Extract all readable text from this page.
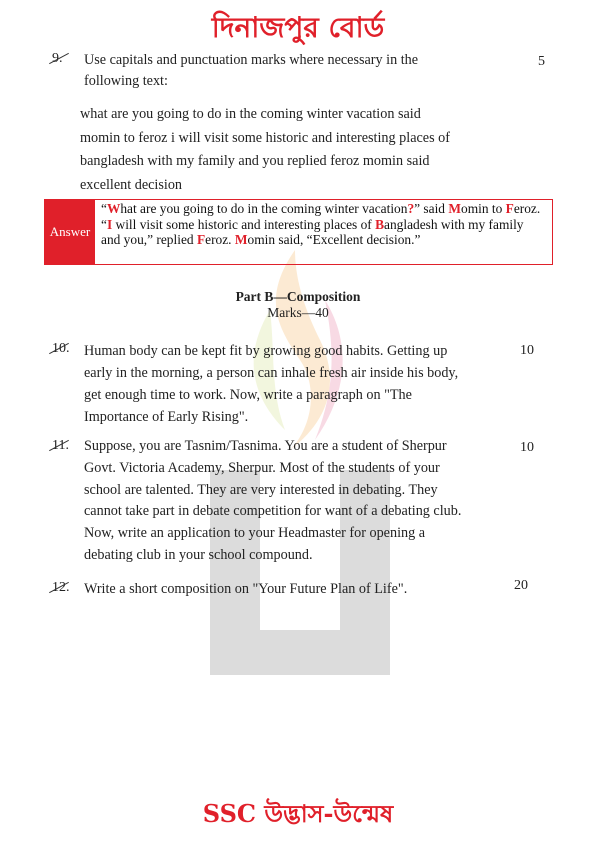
দিনাজপুর বোর্ড
9. Use capitals and punctuation marks where necessary in the
following text:
5
what are you going to do in the coming winter vacation said
momin to feroz i will visit some historic and interesting places of
bangladesh with my family and you replied feroz momin said
excellent decision
Answer
“What are you going to do in the coming winter vacation?” said Momin to Feroz. “I will visit some historic and interesting places of Bangladesh with my family and you,” replied Feroz. Momin said, “Excellent decision.”
Part B—Composition
Marks—40
10. Human body can be kept fit by growing good habits. Getting up
early in the morning, a person can inhale fresh air inside his body,
get enough time to work. Now, write a paragraph on "The
Importance of Early Rising".
10
11. Suppose, you are Tasnim/Tasnima. You are a student of Sherpur
Govt. Victoria Academy, Sherpur. Most of the students of your
school are talented. They are very interested in debating. They
cannot take part in debate competition for want of a debating club.
Now, write an application to your Headmaster for opening a
debating club in your school compound.
10
12. Write a short composition on "Your Future Plan of Life".	20
SSC উদ্ভাস-উন্মেষ
